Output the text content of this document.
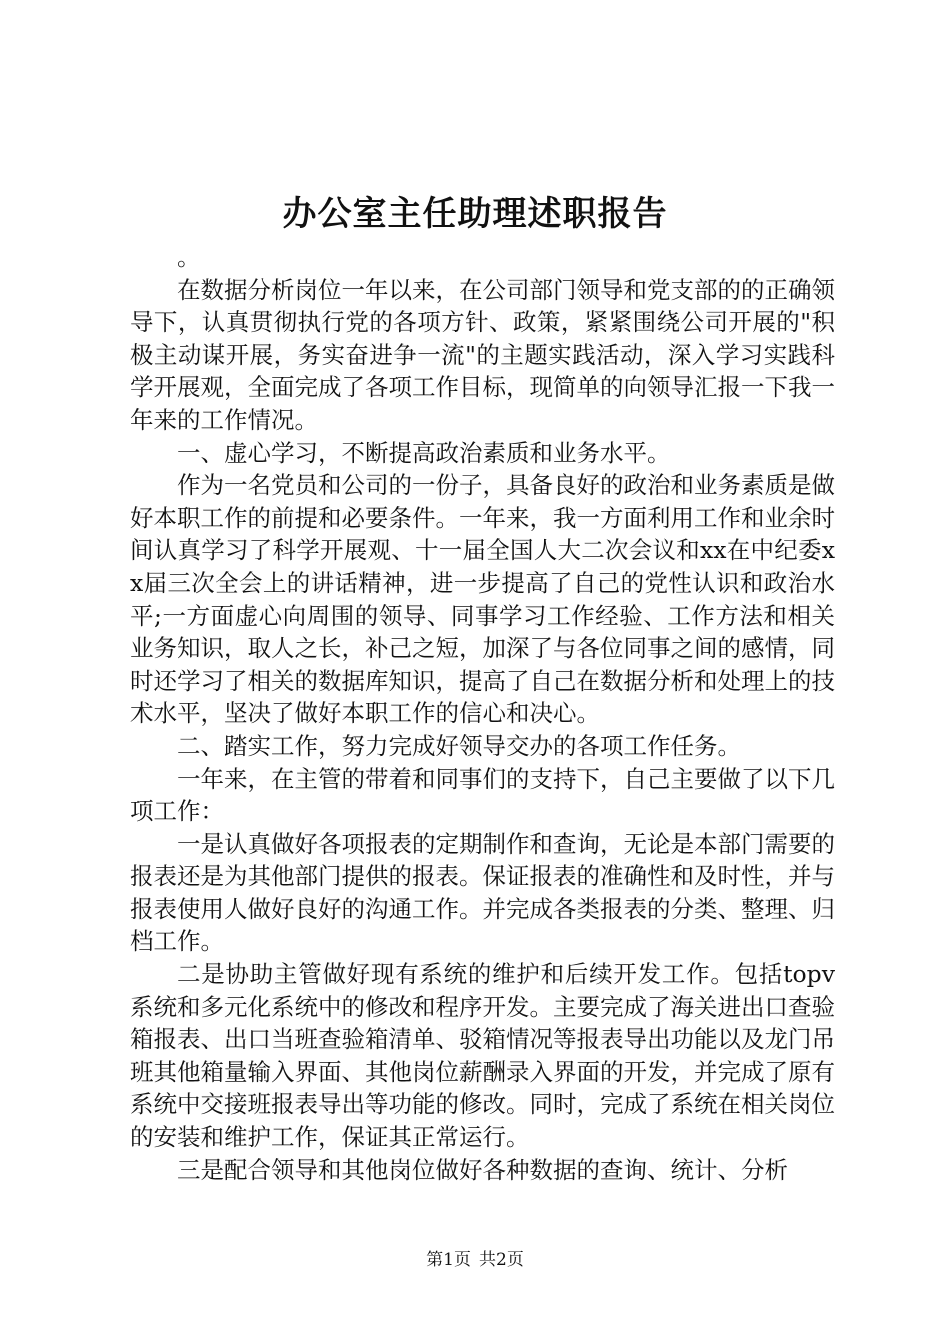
办公室主任助理述职报告

。

在数据分析岗位一年以来，在公司部门领导和党支部的的正确领导下，认真贯彻执行党的各项方针、政策，紧紧围绕公司开展的"积极主动谋开展，务实奋进争一流"的主题实践活动，深入学习实践科学开展观，全面完成了各项工作目标，现简单的向领导汇报一下我一年来的工作情况。

一、虚心学习，不断提高政治素质和业务水平。

作为一名党员和公司的一份子，具备良好的政治和业务素质是做好本职工作的前提和必要条件。一年来，我一方面利用工作和业余时间认真学习了科学开展观、十一届全国人大二次会议和xx在中纪委xx届三次全会上的讲话精神，进一步提高了自己的党性认识和政治水平;一方面虚心向周围的领导、同事学习工作经验、工作方法和相关业务知识，取人之长，补己之短，加深了与各位同事之间的感情，同时还学习了相关的数据库知识，提高了自己在数据分析和处理上的技术水平，坚决了做好本职工作的信心和决心。

二、踏实工作，努力完成好领导交办的各项工作任务。

一年来，在主管的带着和同事们的支持下，自己主要做了以下几项工作：

一是认真做好各项报表的定期制作和查询，无论是本部门需要的报表还是为其他部门提供的报表。保证报表的准确性和及时性，并与报表使用人做好良好的沟通工作。并完成各类报表的分类、整理、归档工作。

二是协助主管做好现有系统的维护和后续开发工作。包括topv系统和多元化系统中的修改和程序开发。主要完成了海关进出口查验箱报表、出口当班查验箱清单、驳箱情况等报表导出功能以及龙门吊班其他箱量输入界面、其他岗位薪酬录入界面的开发，并完成了原有系统中交接班报表导出等功能的修改。同时，完成了系统在相关岗位的安装和维护工作，保证其正常运行。

三是配合领导和其他岗位做好各种数据的查询、统计、分析

第1页 共2页
